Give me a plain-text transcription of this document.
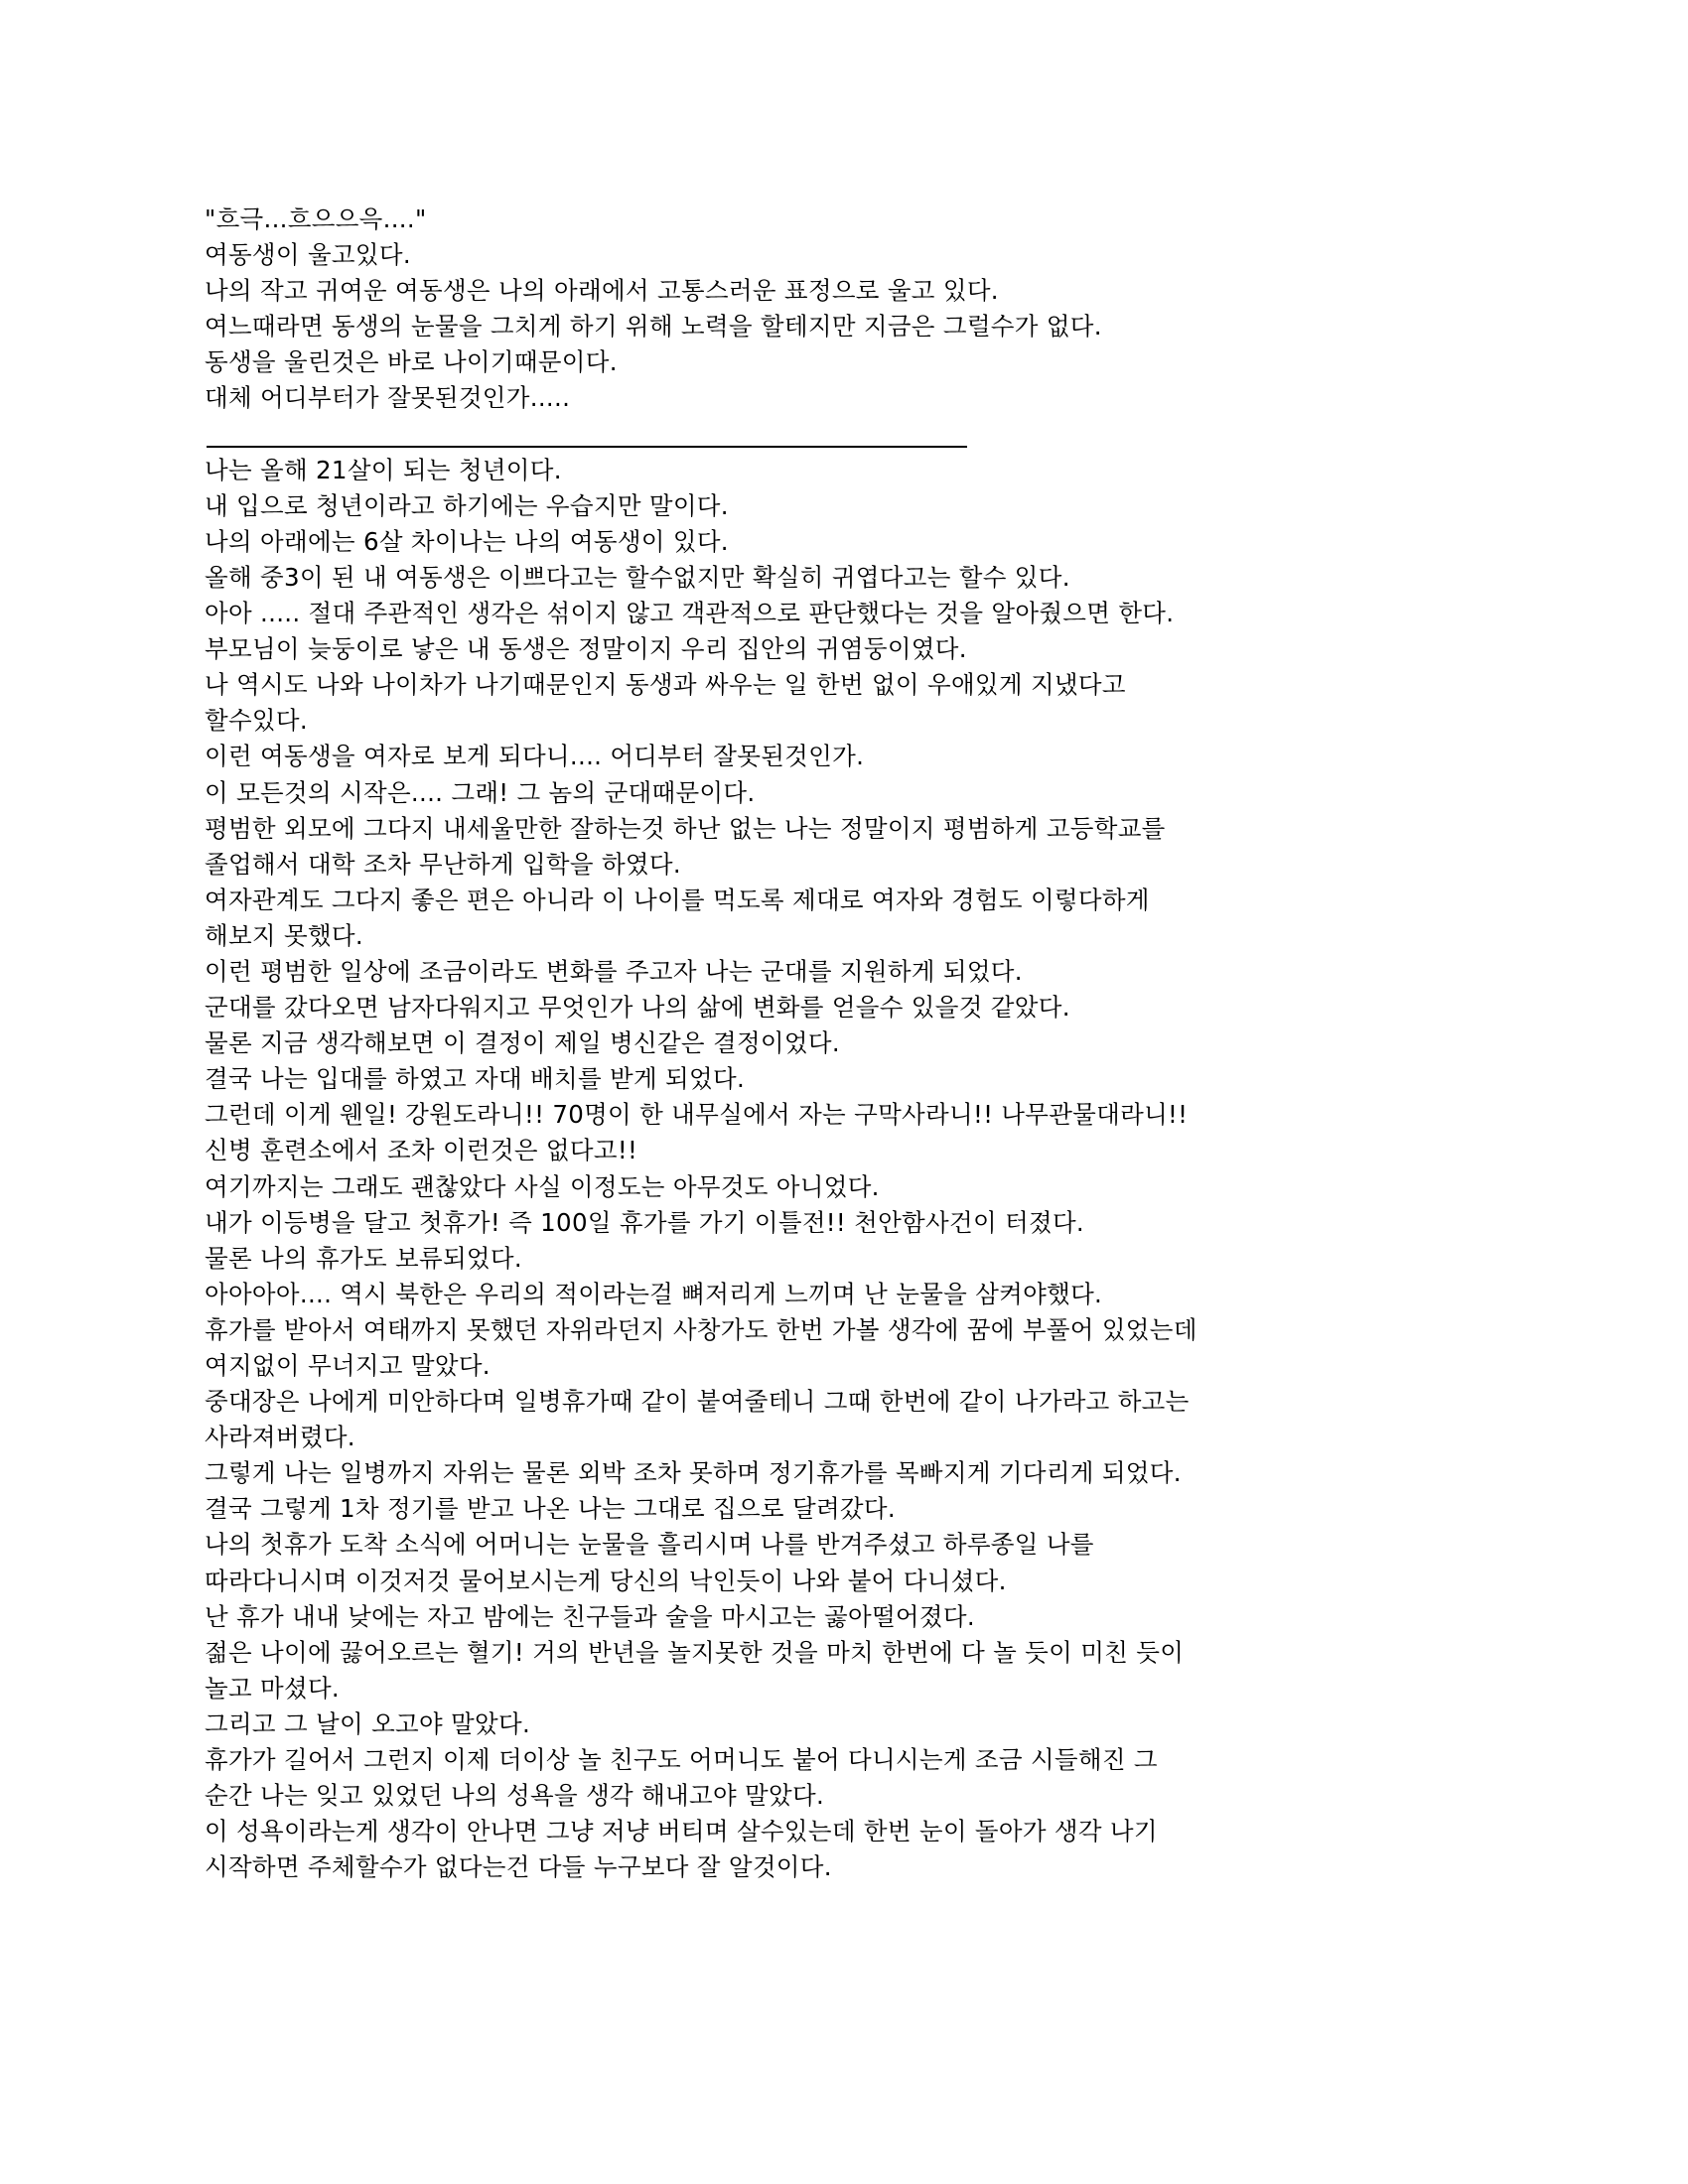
"흐극...흐으으윽...."
여동생이 울고있다.
나의 작고 귀여운 여동생은 나의 아래에서 고통스러운 표정으로 울고 있다.
여느때라면 동생의 눈물을 그치게 하기 위해 노력을 할테지만 지금은 그럴수가 없다.
동생을 울린것은 바로 나이기때문이다.
대체 어디부터가 잘못된것인가.....
나는 올해 21살이 되는 청년이다.
내 입으로 청년이라고 하기에는 우습지만 말이다.
나의 아래에는 6살 차이나는 나의 여동생이 있다.
올해 중3이 된 내 여동생은 이쁘다고는 할수없지만 확실히 귀엽다고는 할수 있다.
아아 ..... 절대 주관적인 생각은 섞이지 않고 객관적으로 판단했다는 것을 알아줬으면 한다.
부모님이 늦둥이로 낳은 내 동생은 정말이지 우리 집안의 귀염둥이였다.
나 역시도 나와 나이차가 나기때문인지 동생과 싸우는 일 한번 없이 우애있게 지냈다고
할수있다.
이런 여동생을 여자로 보게 되다니.... 어디부터 잘못된것인가.
이 모든것의 시작은.... 그래! 그 놈의 군대때문이다.
평범한 외모에 그다지 내세울만한 잘하는것 하난 없는 나는 정말이지 평범하게 고등학교를
졸업해서 대학 조차 무난하게 입학을 하였다.
여자관계도 그다지 좋은 편은 아니라 이 나이를 먹도록 제대로 여자와 경험도 이렇다하게
해보지 못했다.
이런 평범한 일상에 조금이라도 변화를 주고자 나는 군대를 지원하게 되었다.
군대를 갔다오면 남자다워지고 무엇인가 나의 삶에 변화를 얻을수 있을것 같았다.
물론 지금 생각해보면 이 결정이 제일 병신같은 결정이었다.
결국 나는 입대를 하였고 자대 배치를 받게 되었다.
그런데 이게 웬일! 강원도라니!! 70명이 한 내무실에서 자는 구막사라니!! 나무관물대라니!!
신병 훈련소에서 조차 이런것은 없다고!!
여기까지는 그래도 괜찮았다 사실 이정도는 아무것도 아니었다.
내가 이등병을 달고 첫휴가! 즉 100일 휴가를 가기 이틀전!! 천안함사건이 터졌다.
물론 나의 휴가도 보류되었다.
아아아아.... 역시 북한은 우리의 적이라는걸 뼈저리게 느끼며 난 눈물을 삼켜야했다.
휴가를 받아서 여태까지 못했던 자위라던지 사창가도 한번 가볼 생각에 꿈에 부풀어 있었는데
여지없이 무너지고 말았다.
중대장은 나에게 미안하다며 일병휴가때 같이 붙여줄테니 그때 한번에 같이 나가라고 하고는
사라져버렸다.
그렇게 나는 일병까지 자위는 물론 외박 조차 못하며 정기휴가를 목빠지게 기다리게 되었다.
결국 그렇게 1차 정기를 받고 나온 나는 그대로 집으로 달려갔다.
나의 첫휴가 도착 소식에 어머니는 눈물을 흘리시며 나를 반겨주셨고 하루종일 나를
따라다니시며 이것저것 물어보시는게 당신의 낙인듯이 나와 붙어 다니셨다.
난 휴가 내내 낮에는 자고 밤에는 친구들과 술을 마시고는 곯아떨어졌다.
젊은 나이에 끓어오르는 혈기! 거의 반년을 놀지못한 것을 마치 한번에 다 놀 듯이 미친 듯이
놀고 마셨다.
그리고 그 날이 오고야 말았다.
휴가가 길어서 그런지 이제 더이상 놀 친구도 어머니도 붙어 다니시는게 조금 시들해진 그
순간 나는 잊고 있었던 나의 성욕을 생각 해내고야 말았다.
이 성욕이라는게 생각이 안나면 그냥 저냥 버티며 살수있는데 한번 눈이 돌아가 생각 나기
시작하면 주체할수가 없다는건 다들 누구보다 잘 알것이다.
